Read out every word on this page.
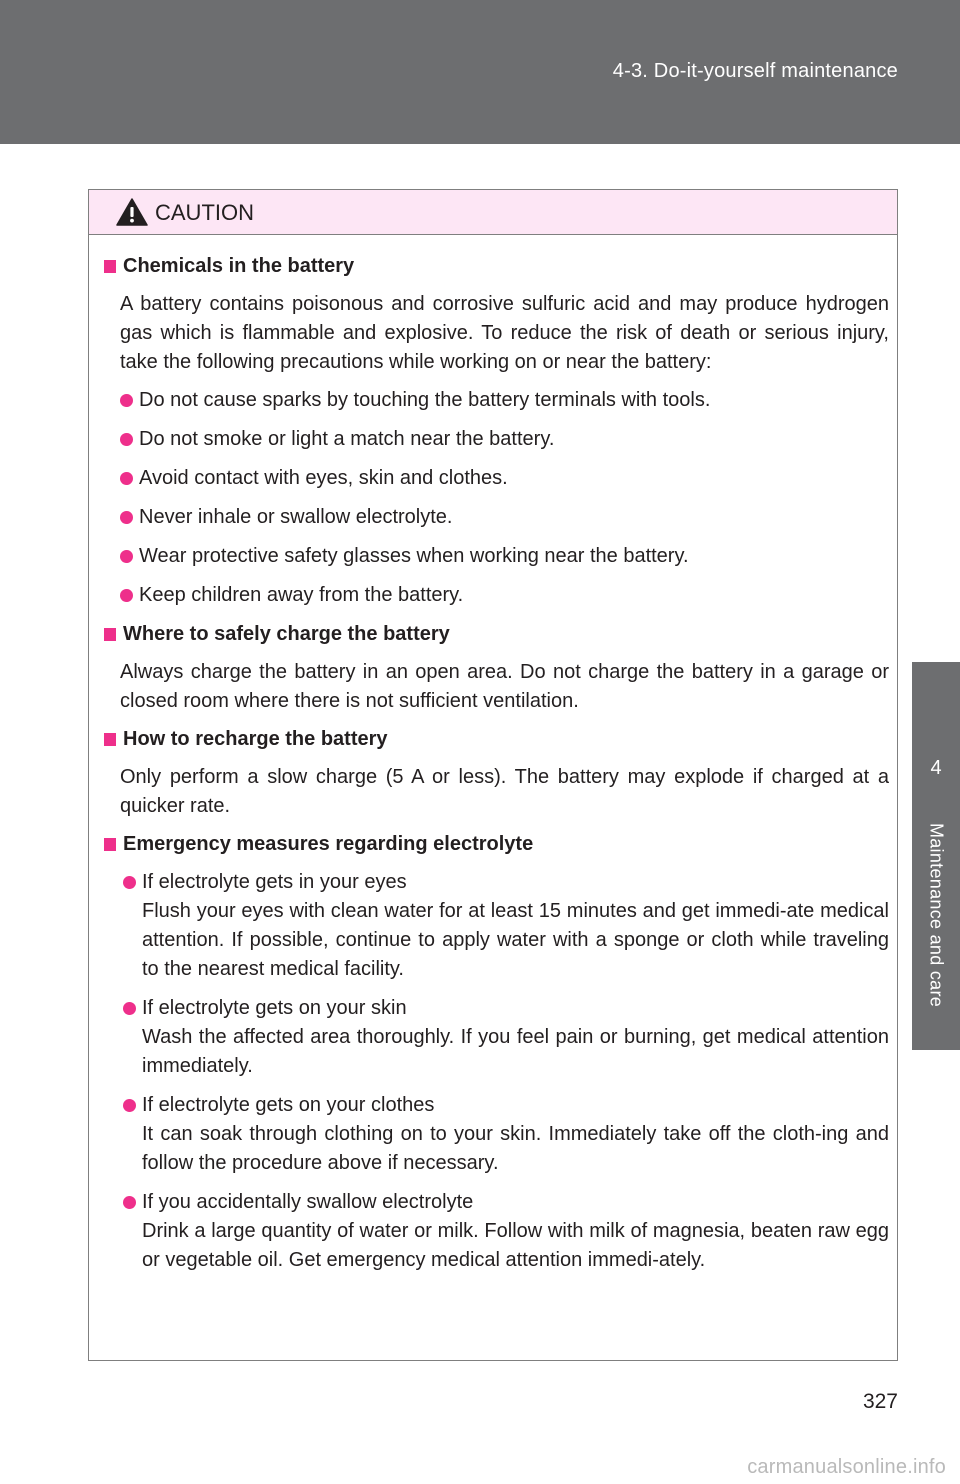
4-3. Do-it-yourself maintenance
4
Maintenance and care
CAUTION
Chemicals in the battery
A battery contains poisonous and corrosive sulfuric acid and may produce hydrogen gas which is flammable and explosive. To reduce the risk of death or serious injury, take the following precautions while working on or near the battery:
Do not cause sparks by touching the battery terminals with tools.
Do not smoke or light a match near the battery.
Avoid contact with eyes, skin and clothes.
Never inhale or swallow electrolyte.
Wear protective safety glasses when working near the battery.
Keep children away from the battery.
Where to safely charge the battery
Always charge the battery in an open area. Do not charge the battery in a garage or closed room where there is not sufficient ventilation.
How to recharge the battery
Only perform a slow charge (5 A or less). The battery may explode if charged at a quicker rate.
Emergency measures regarding electrolyte
If electrolyte gets in your eyes
Flush your eyes with clean water for at least 15 minutes and get immedi-ate medical attention. If possible, continue to apply water with a sponge or cloth while traveling to the nearest medical facility.
If electrolyte gets on your skin
Wash the affected area thoroughly. If you feel pain or burning, get medical attention immediately.
If electrolyte gets on your clothes
It can soak through clothing on to your skin. Immediately take off the cloth-ing and follow the procedure above if necessary.
If you accidentally swallow electrolyte
Drink a large quantity of water or milk. Follow with milk of magnesia, beaten raw egg or vegetable oil. Get emergency medical attention immedi-ately.
327
carmanualsonline.info
